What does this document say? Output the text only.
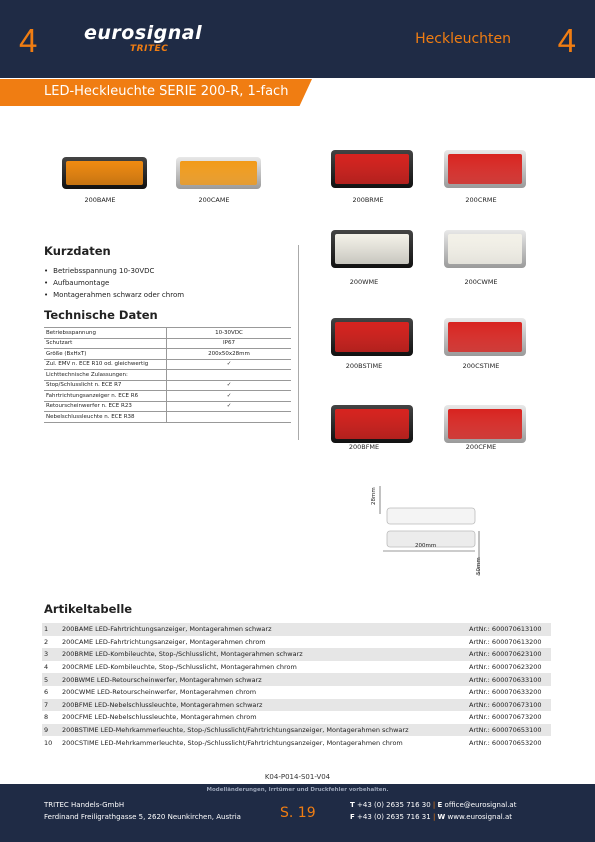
4 eurosignal
TRITEC
Heckleuchten 4
LED-Heckleuchte SERIE 200-R, 1-fach
200BAME	200CAME	200BRME	200CRME
200WME	200CWME
200BSTIME	200CSTIME
200BFME	200CFME
Kurzdaten
• Betriebsspannung 10-30VDC
• Aufbaumontage
• Montagerahmen schwarz oder chrom
Technische Daten
Betriebsspannung	10-30VDC
Schutzart	IP67
Größe (BxHxT)	200x50x28mm
Zul. EMV n. ECE R10 od. gleichwertig	✓
Lichttechnische Zulassungen:	
Stop/Schlusslicht n. ECE R7	✓
Fahrtrichtungsanzeiger n. ECE R6	✓
Retourscheinwerfer n. ECE R23	✓
Nebelschlussleuchte n. ECE R38	
28mm
200mm
50mm
Artikeltabelle
1	200BAME LED-Fahrtrichtungsanzeiger, Montagerahmen schwarz	ArtNr.: 600070613100
2	200CAME LED-Fahrtrichtungsanzeiger, Montagerahmen chrom	ArtNr.: 600070613200
3	200BRME LED-Kombileuchte, Stop-/Schlusslicht, Montagerahmen schwarz	ArtNr.: 600070623100
4	200CRME LED-Kombileuchte, Stop-/Schlusslicht, Montagerahmen chrom	ArtNr.: 600070623200
5	200BWME LED-Retourscheinwerfer, Montagerahmen schwarz	ArtNr.: 600070633100
6	200CWME LED-Retourscheinwerfer, Montagerahmen chrom	ArtNr.: 600070633200
7	200BFME LED-Nebelschlussleuchte, Montagerahmen schwarz	ArtNr.: 600070673100
8	200CFME LED-Nebelschlussleuchte, Montagerahmen chrom	ArtNr.: 600070673200
9	200BSTIME LED-Mehrkammerleuchte, Stop-/Schlusslicht/Fahrtrichtungsanzeiger, Montagerahmen schwarz	ArtNr.: 600070653100
10	200CSTIME LED-Mehrkammerleuchte, Stop-/Schlusslicht/Fahrtrichtungsanzeiger, Montagerahmen chrom	ArtNr.: 600070653200
K04-P014-S01-V04
Modelländerungen, Irrtümer und Druckfehler vorbehalten.
TRITEC Handels-GmbH
Ferdinand Freiligrathgasse 5, 2620 Neunkirchen, Austria	S. 19	T +43 (0) 2635 716 30 | E office@eurosignal.at
F +43 (0) 2635 716 31 | W www.eurosignal.at
